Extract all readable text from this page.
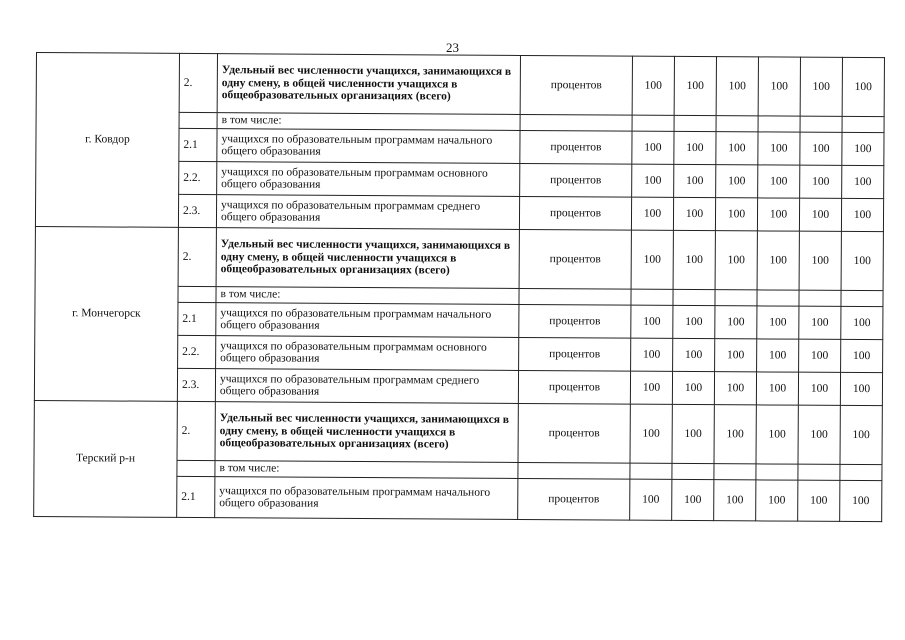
23
г. Ковдор	2.	Удельный вес численности учащихся, занимающихся в одну смену, в общей численности учащихся в общеобразовательных организациях (всего)	процентов	100	100	100	100	100	100
		в том числе:							
	2.1	учащихся по образовательным программам начального общего образования	процентов	100	100	100	100	100	100
	2.2.	учащихся по образовательным программам основного общего образования	процентов	100	100	100	100	100	100
	2.3.	учащихся по образовательным программам среднего общего образования	процентов	100	100	100	100	100	100
г. Мончегорск	2.	Удельный вес численности учащихся, занимающихся в одну смену, в общей численности учащихся в общеобразовательных организациях (всего)	процентов	100	100	100	100	100	100
		в том числе:							
	2.1	учащихся по образовательным программам начального общего образования	процентов	100	100	100	100	100	100
	2.2.	учащихся по образовательным программам основного общего образования	процентов	100	100	100	100	100	100
	2.3.	учащихся по образовательным программам среднего общего образования	процентов	100	100	100	100	100	100
Терский р-н	2.	Удельный вес численности учащихся, занимающихся в одну смену, в общей численности учащихся в общеобразовательных организациях (всего)	процентов	100	100	100	100	100	100
		в том числе:							
	2.1	учащихся по образовательным программам начального общего образования	процентов	100	100	100	100	100	100
